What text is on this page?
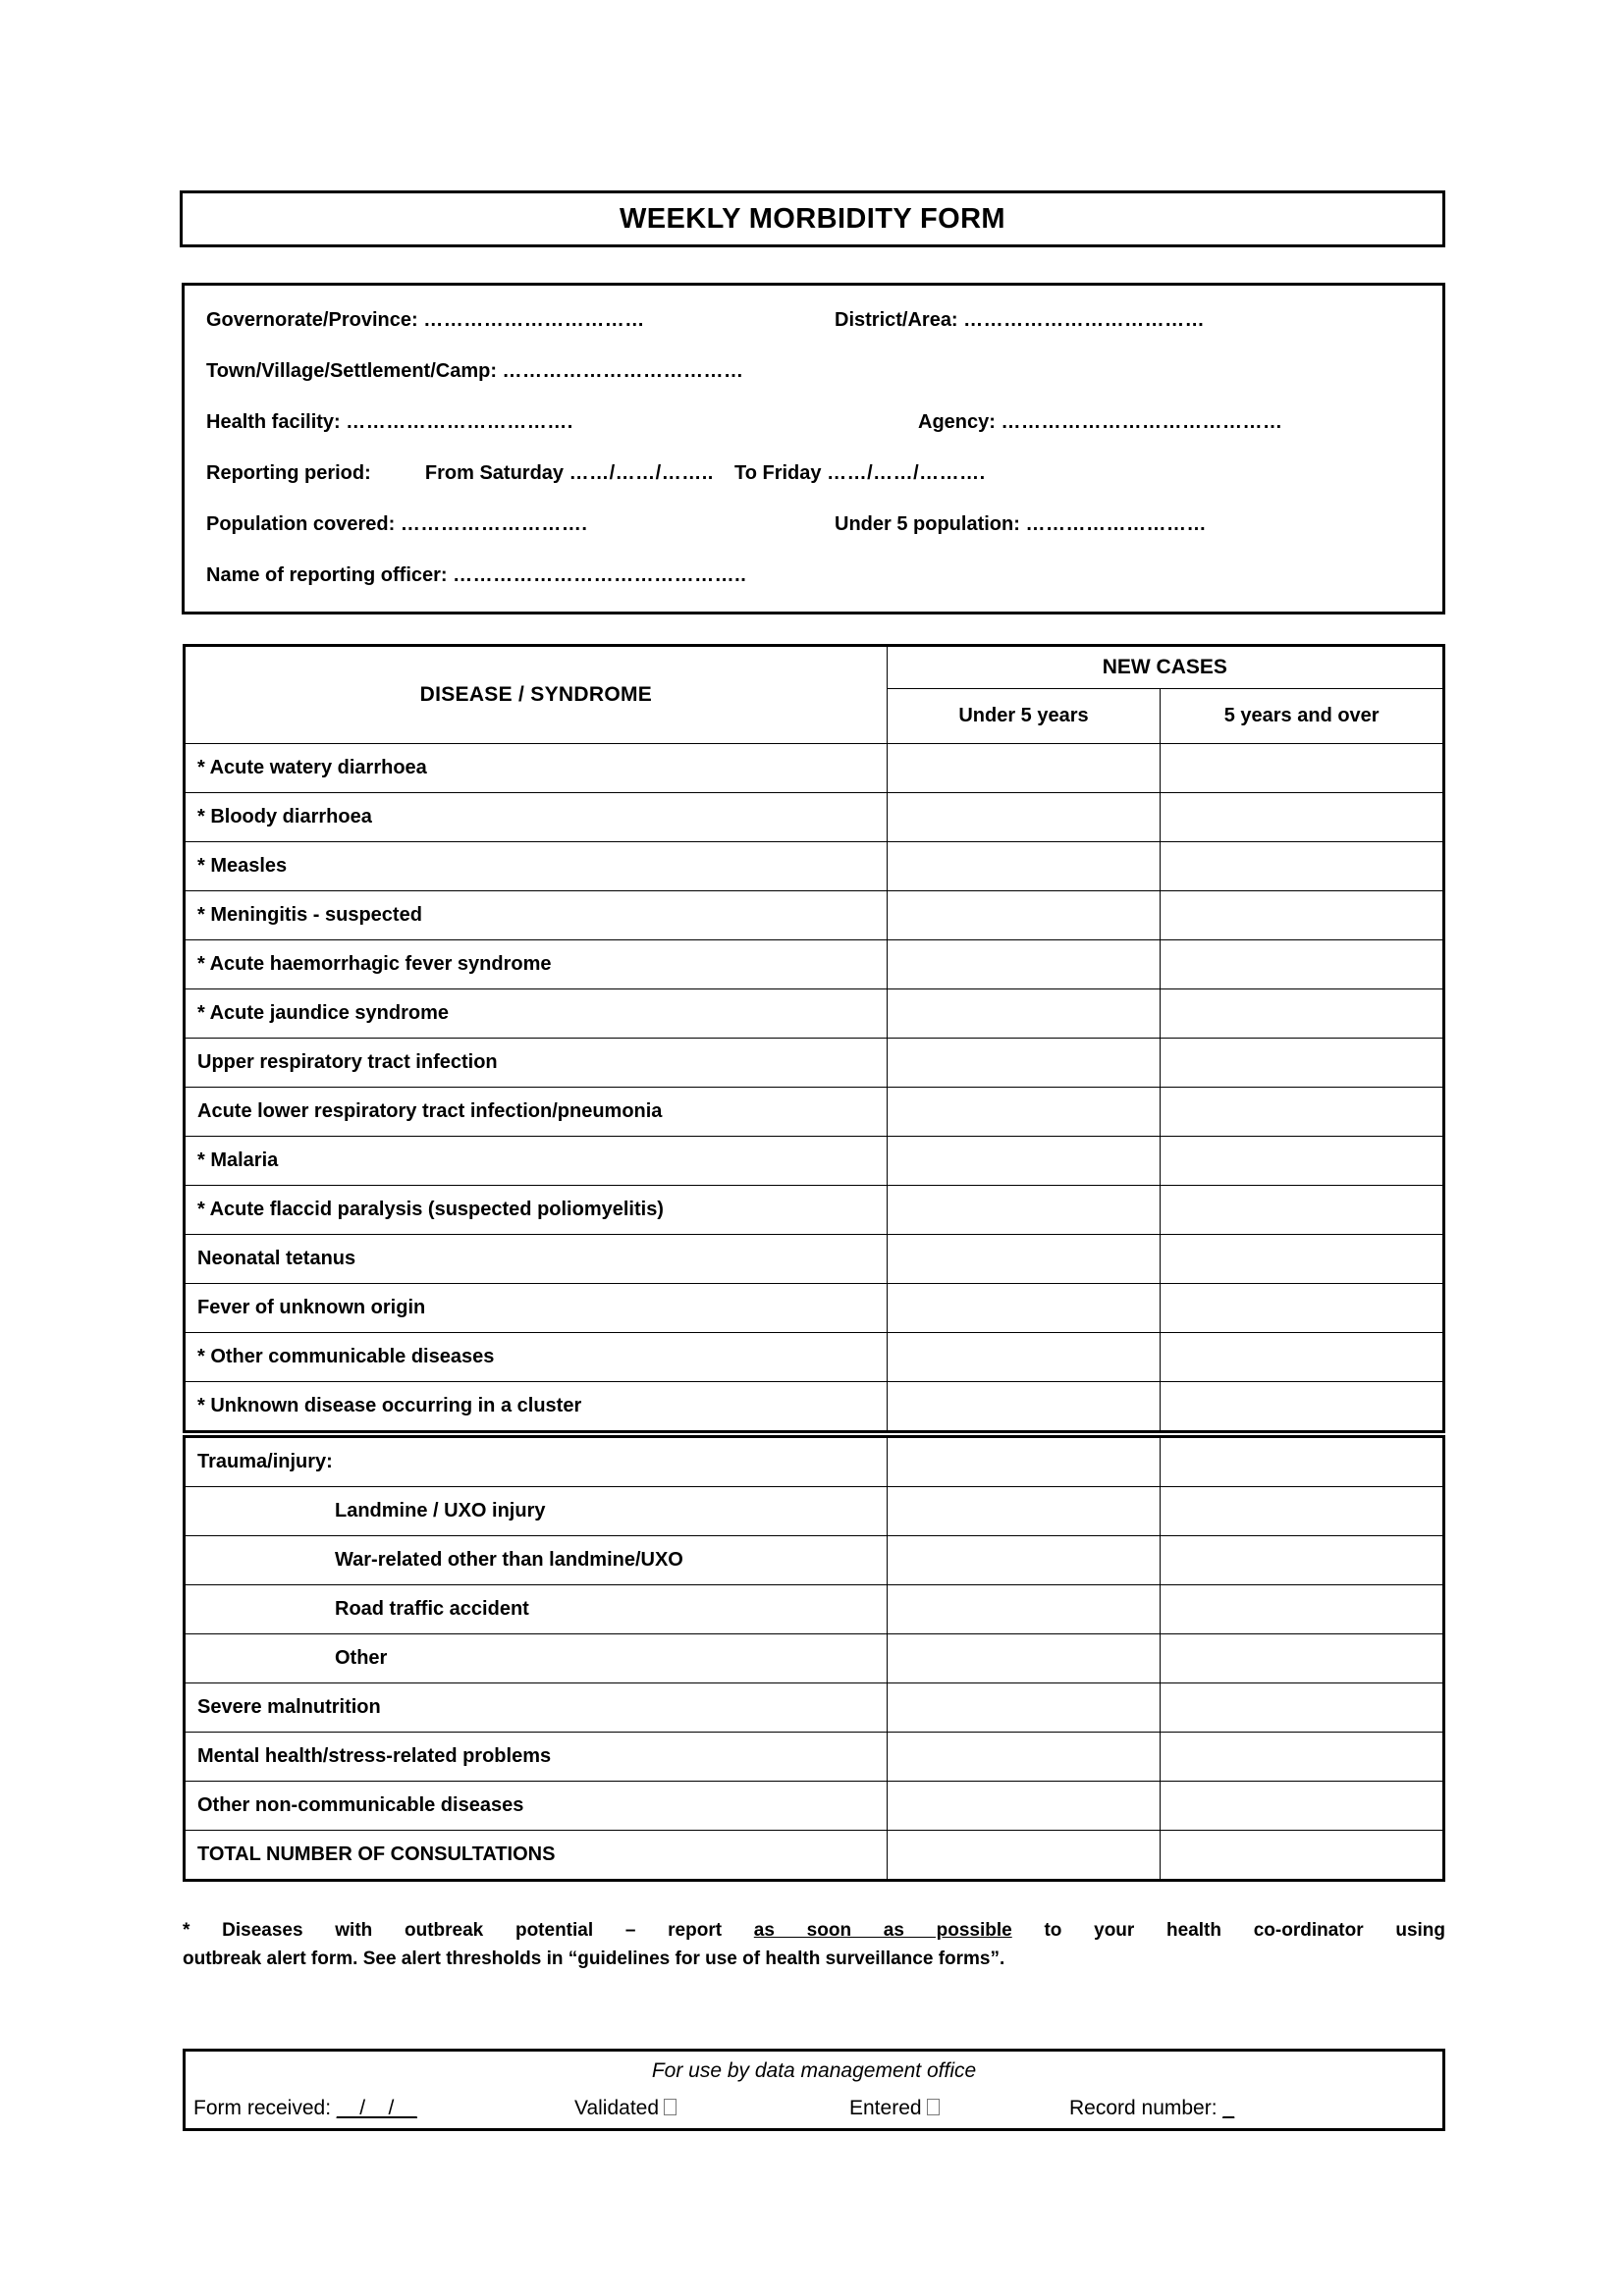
WEEKLY MORBIDITY FORM
Governorate/Province: ……………………………	District/Area: ………………………………
Town/Village/Settlement/Camp: ………………………………
Health facility: …………………………….	Agency: ……………………………………
Reporting period:	From Saturday ……/……/…….. To Friday ……/……/……….
Population covered: ……………………….	Under 5 population: ………………………
Name of reporting officer: ……………………………………..
DISEASE / SYNDROME	NEW CASES	
	Under 5 years	5 years and over
* Acute watery diarrhoea		
* Bloody diarrhoea		
* Measles		
* Meningitis - suspected		
* Acute haemorrhagic fever syndrome		
* Acute jaundice syndrome		
Upper respiratory tract infection		
Acute lower respiratory tract infection/pneumonia		
* Malaria		
* Acute flaccid paralysis (suspected poliomyelitis)		
Neonatal tetanus		
Fever of unknown origin		
* Other communicable diseases		
* Unknown disease occurring in a cluster		
Trauma/injury:		
Landmine / UXO injury		
War-related other than landmine/UXO		
Road traffic accident		
Other		
Severe malnutrition		
Mental health/stress-related problems		
Other non-communicable diseases		
TOTAL NUMBER OF CONSULTATIONS		
* Diseases with outbreak potential – report as soon as possible to your health co-ordinator using
outbreak alert form. See alert thresholds in “guidelines for use of health surveillance forms”.
For use by data management office
Form received: __/__/__	Validated	Entered	Record number: _
